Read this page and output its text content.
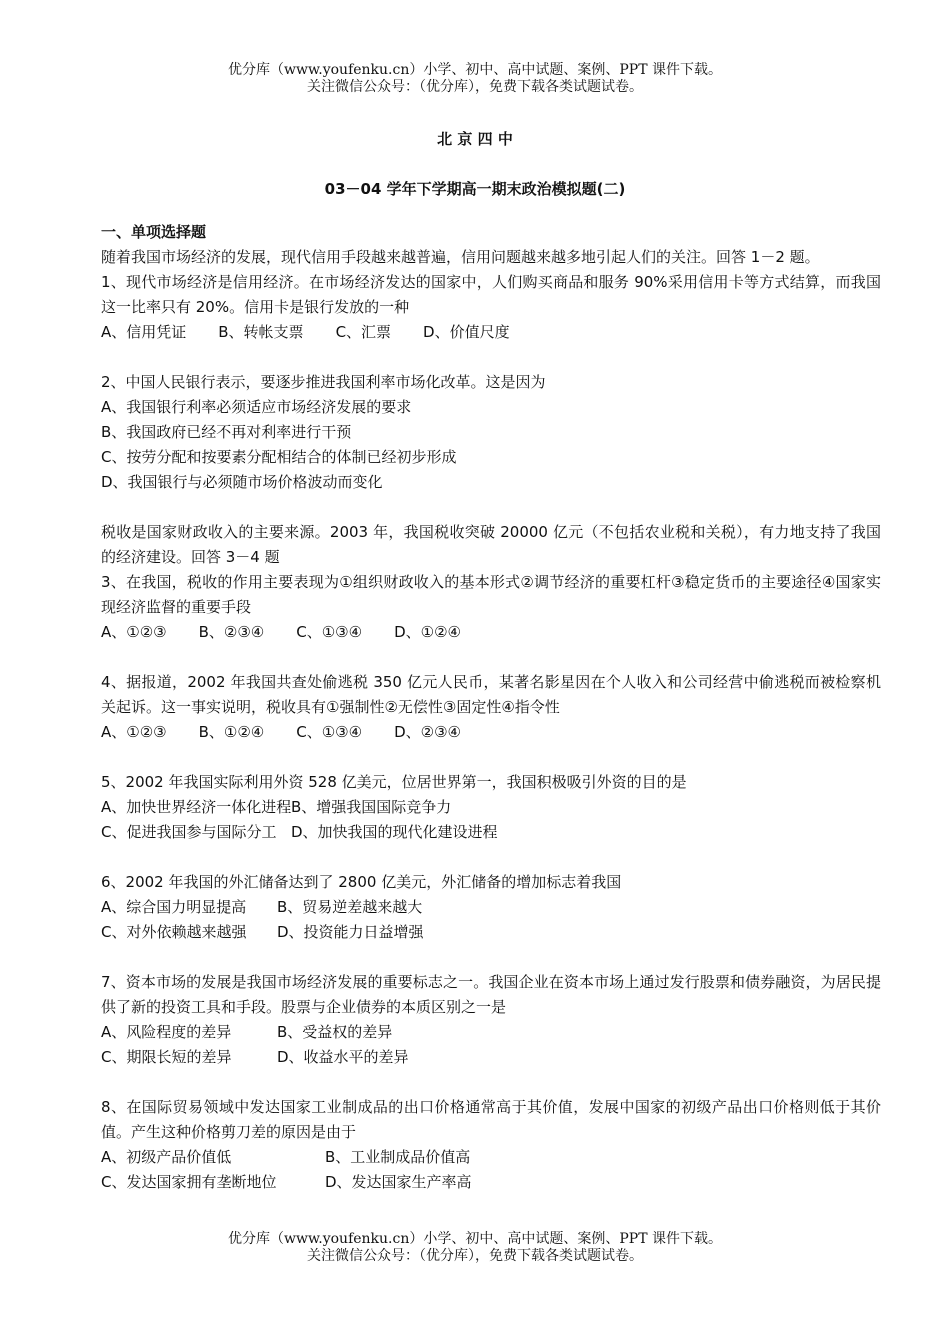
优分库（www.youfenku.cn）小学、初中、高中试题、案例、PPT 课件下载。
关注微信公众号：（优分库），免费下载各类试题试卷。
北 京 四 中
03－04 学年下学期高一期末政治模拟题(二)
一、单项选择题
随着我国市场经济的发展，现代信用手段越来越普遍，信用问题越来越多地引起人们的关注。回答 1－2 题。
1、现代市场经济是信用经济。在市场经济发达的国家中，人们购买商品和服务 90%采用信用卡等方式结算，而我国这一比率只有 20%。信用卡是银行发放的一种
A、信用凭证 B、转帐支票 C、汇票 D、价值尺度
2、中国人民银行表示，要逐步推进我国利率市场化改革。这是因为
A、我国银行利率必须适应市场经济发展的要求
B、我国政府已经不再对利率进行干预
C、按劳分配和按要素分配相结合的体制已经初步形成
D、我国银行与必须随市场价格波动而变化
税收是国家财政收入的主要来源。2003 年，我国税收突破 20000 亿元（不包括农业税和关税），有力地支持了我国的经济建设。回答 3－4 题
3、在我国，税收的作用主要表现为①组织财政收入的基本形式②调节经济的重要杠杆③稳定货币的主要途径④国家实现经济监督的重要手段
A、①②③ B、②③④ C、①③④ D、①②④
4、据报道，2002 年我国共查处偷逃税 350 亿元人民币，某著名影星因在个人收入和公司经营中偷逃税而被检察机关起诉。这一事实说明，税收具有①强制性②无偿性③固定性④指令性
A、①②③ B、①②④ C、①③④ D、②③④
5、2002 年我国实际利用外资 528 亿美元，位居世界第一，我国积极吸引外资的目的是
A、加快世界经济一体化进程 B、增强我国国际竞争力
C、促进我国参与国际分工 D、加快我国的现代化建设进程
6、2002 年我国的外汇储备达到了 2800 亿美元，外汇储备的增加标志着我国
A、综合国力明显提高	B、贸易逆差越来越大
C、对外依赖越来越强	D、投资能力日益增强
7、资本市场的发展是我国市场经济发展的重要标志之一。我国企业在资本市场上通过发行股票和债券融资，为居民提供了新的投资工具和手段。股票与企业债券的本质区别之一是
A、风险程度的差异	B、受益权的差异
C、期限长短的差异	D、收益水平的差异
8、在国际贸易领域中发达国家工业制成品的出口价格通常高于其价值，发展中国家的初级产品出口价格则低于其价值。产生这种价格剪刀差的原因是由于
A、初级产品价值低	B、工业制成品价值高
C、发达国家拥有垄断地位	D、发达国家生产率高
优分库（www.youfenku.cn）小学、初中、高中试题、案例、PPT 课件下载。
关注微信公众号：（优分库），免费下载各类试题试卷。
